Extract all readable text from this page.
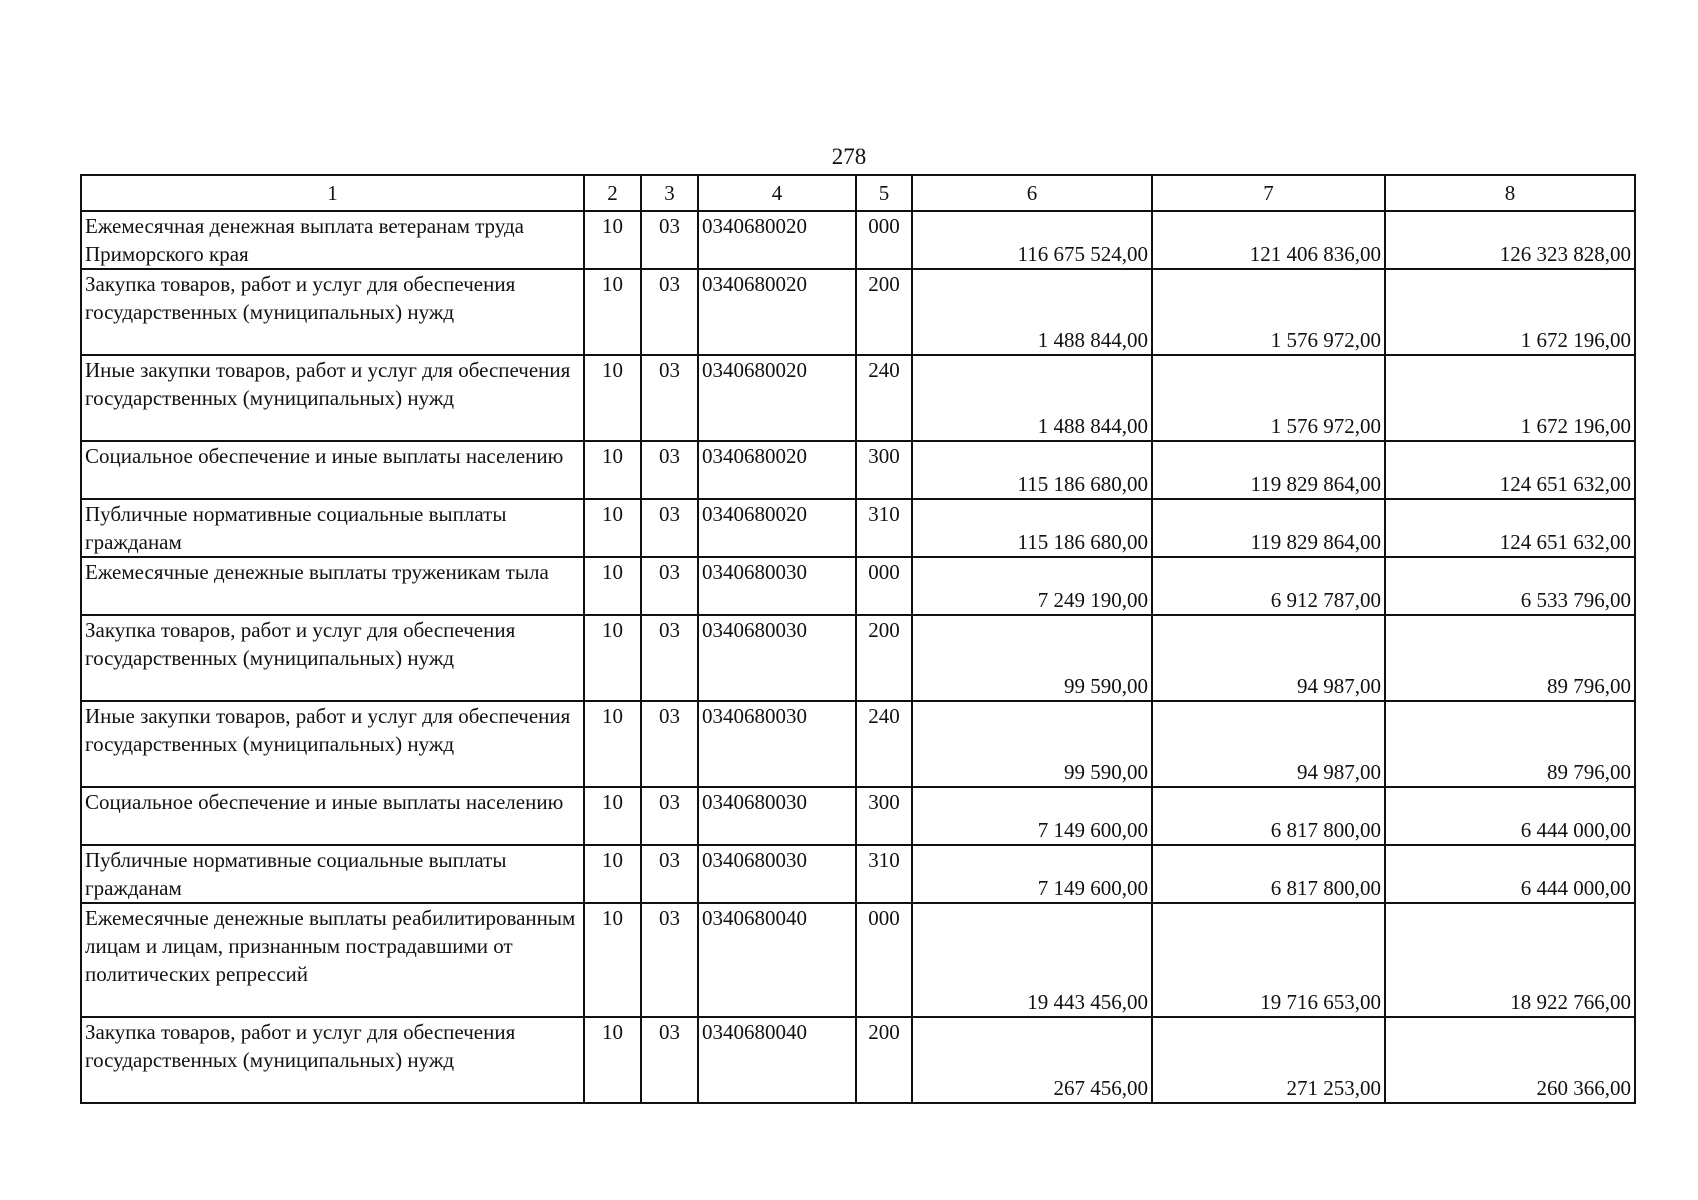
278
1	2	3	4	5	6	7	8
Ежемесячная денежная выплата ветеранам труда Приморского края	10	03	0340680020	000	116 675 524,00	121 406 836,00	126 323 828,00
Закупка товаров, работ и услуг для обеспечения государственных (муниципальных) нужд	10	03	0340680020	200	1 488 844,00	1 576 972,00	1 672 196,00
Иные закупки товаров, работ и услуг для обеспечения государственных (муниципальных) нужд	10	03	0340680020	240	1 488 844,00	1 576 972,00	1 672 196,00
Социальное обеспечение и иные выплаты населению	10	03	0340680020	300	115 186 680,00	119 829 864,00	124 651 632,00
Публичные нормативные социальные выплаты гражданам	10	03	0340680020	310	115 186 680,00	119 829 864,00	124 651 632,00
Ежемесячные денежные выплаты труженикам тыла	10	03	0340680030	000	7 249 190,00	6 912 787,00	6 533 796,00
Закупка товаров, работ и услуг для обеспечения государственных (муниципальных) нужд	10	03	0340680030	200	99 590,00	94 987,00	89 796,00
Иные закупки товаров, работ и услуг для обеспечения государственных (муниципальных) нужд	10	03	0340680030	240	99 590,00	94 987,00	89 796,00
Социальное обеспечение и иные выплаты населению	10	03	0340680030	300	7 149 600,00	6 817 800,00	6 444 000,00
Публичные нормативные социальные выплаты гражданам	10	03	0340680030	310	7 149 600,00	6 817 800,00	6 444 000,00
Ежемесячные денежные выплаты реабилитированным лицам и лицам, признанным пострадавшими от политических репрессий	10	03	0340680040	000	19 443 456,00	19 716 653,00	18 922 766,00
Закупка товаров, работ и услуг для обеспечения государственных (муниципальных) нужд	10	03	0340680040	200	267 456,00	271 253,00	260 366,00
